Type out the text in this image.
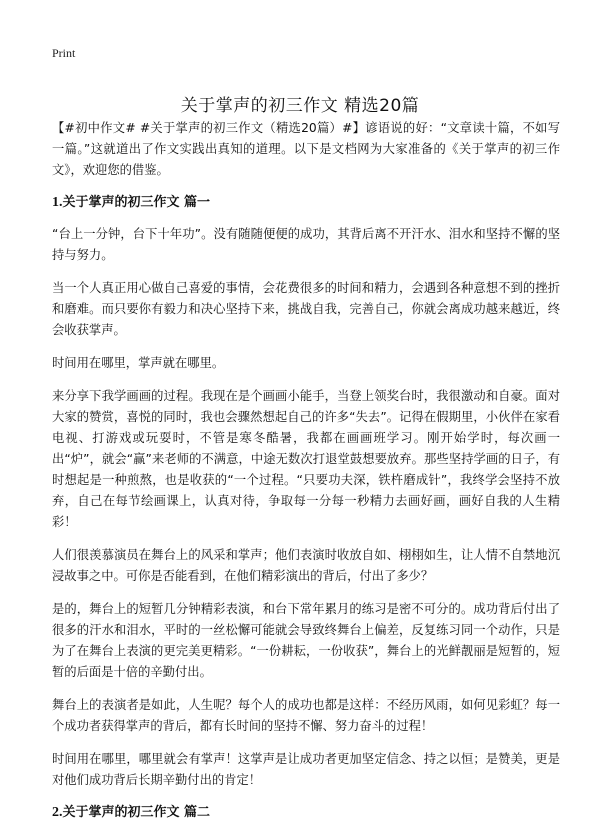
Print
关于掌声的初三作文 精选20篇

【#初中作文# #关于掌声的初三作文（精选20篇）#】谚语说的好：“文章读十篇，不如写一篇。”这就道出了作文实践出真知的道理。以下是文档网为大家准备的《关于掌声的初三作文》，欢迎您的借鉴。

1.关于掌声的初三作文 篇一

“台上一分钟，台下十年功”。没有随随便便的成功，其背后离不开汗水、泪水和坚持不懈的坚持与努力。

当一个人真正用心做自己喜爱的事情，会花费很多的时间和精力，会遇到各种意想不到的挫折和磨难。而只要你有毅力和决心坚持下来，挑战自我，完善自己，你就会离成功越来越近，终会收获掌声。

时间用在哪里，掌声就在哪里。

来分享下我学画画的过程。我现在是个画画小能手，当登上领奖台时，我很激动和自豪。面对大家的赞赏，喜悦的同时，我也会骤然想起自己的许多“失去”。记得在假期里，小伙伴在家看电视、打游戏或玩耍时，不管是寒冬酷暑，我都在画画班学习。刚开始学时，每次画一出“炉”，就会“赢”来老师的不满意，中途无数次打退堂鼓想要放弃。那些坚持学画的日子，有时想起是一种煎熬，也是收获的“一个过程。“只要功夫深，铁杵磨成针”，我终学会坚持不放弃，自己在每节绘画课上，认真对待，争取每一分每一秒精力去画好画，画好自我的人生精彩！

人们很羡慕演员在舞台上的风采和掌声；他们表演时收放自如、栩栩如生，让人情不自禁地沉浸故事之中。可你是否能看到，在他们精彩演出的背后，付出了多少？

是的，舞台上的短暂几分钟精彩表演，和台下常年累月的练习是密不可分的。成功背后付出了很多的汗水和泪水，平时的一丝松懈可能就会导致终舞台上偏差，反复练习同一个动作，只是为了在舞台上表演的更完美更精彩。“一份耕耘，一份收获”，舞台上的光鲜靓丽是短暂的，短暂的后面是十倍的辛勤付出。

舞台上的表演者是如此，人生呢？每个人的成功也都是这样：不经历风雨，如何见彩虹？每一个成功者获得掌声的背后，都有长时间的坚持不懈、努力奋斗的过程！

时间用在哪里，哪里就会有掌声！这掌声是让成功者更加坚定信念、持之以恒；是赞美，更是对他们成功背后长期辛勤付出的肯定！

2.关于掌声的初三作文 篇二
